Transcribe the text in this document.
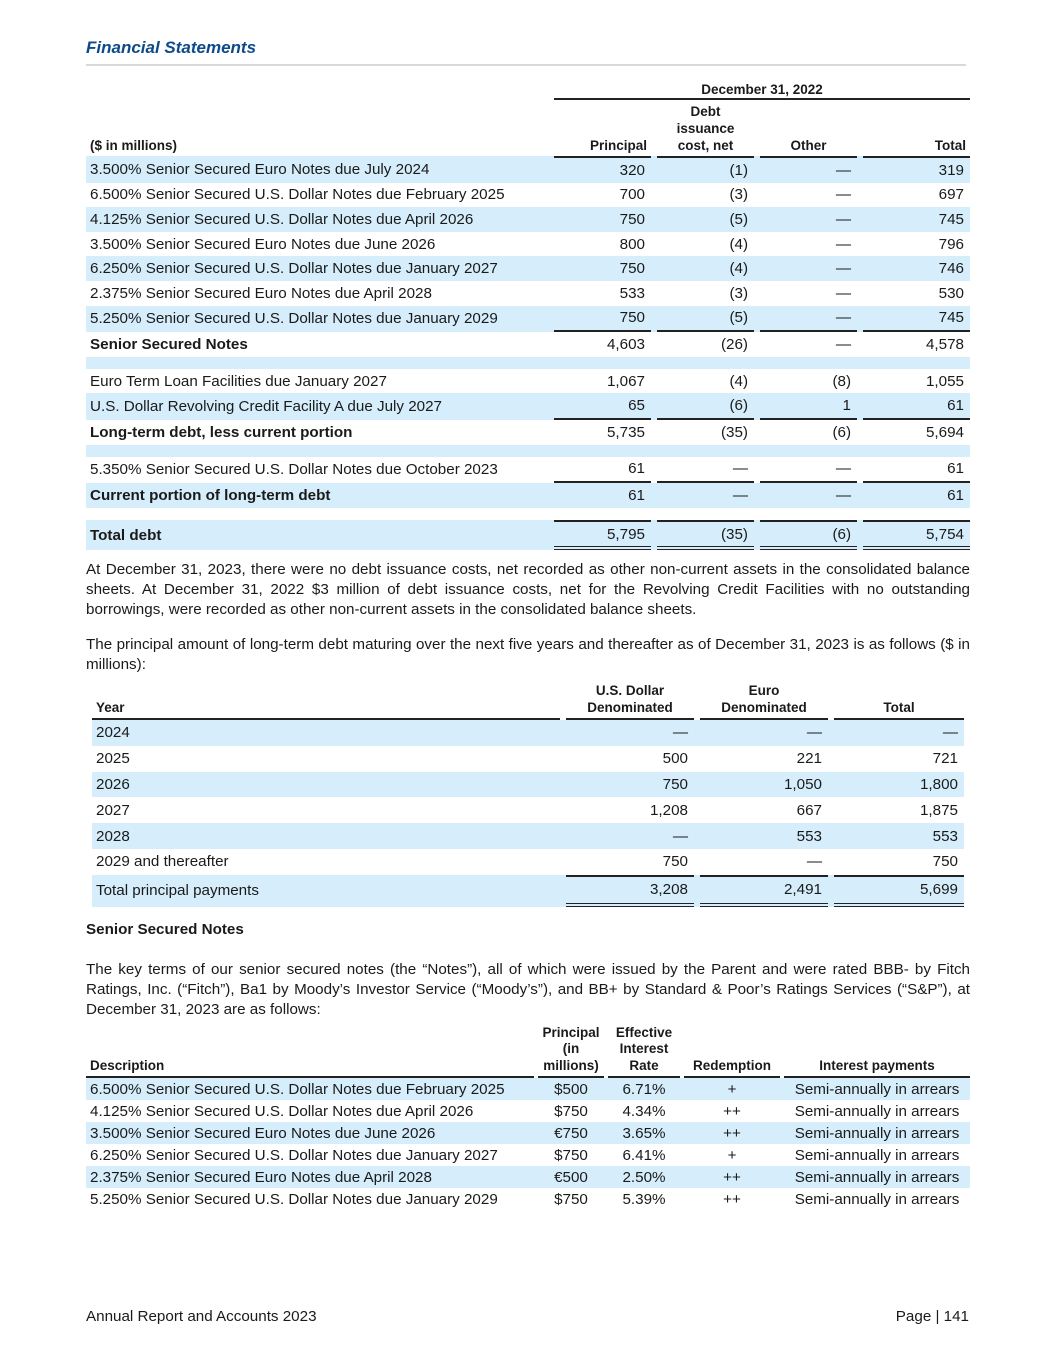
Financial Statements
		December 31, 2022						
($ in millions)		Principal		Debt
issuance
cost, net		Other		Total
3.500% Senior Secured Euro Notes due July 2024		320		(1)		—		319
6.500% Senior Secured U.S. Dollar Notes due February 2025		700		(3)		—		697
4.125% Senior Secured U.S. Dollar Notes due April 2026		750		(5)		—		745
3.500% Senior Secured Euro Notes due June 2026		800		(4)		—		796
6.250% Senior Secured U.S. Dollar Notes due January 2027		750		(4)		—		746
2.375% Senior Secured Euro Notes due April 2028		533		(3)		—		530
5.250% Senior Secured U.S. Dollar Notes due January 2029		750		(5)		—		745
Senior Secured Notes		4,603		(26)		—		4,578

Euro Term Loan Facilities due January 2027		1,067		(4)		(8)		1,055
U.S. Dollar Revolving Credit Facility A due July 2027		65		(6)		1		61
Long-term debt, less current portion		5,735		(35)		(6)		5,694

5.350% Senior Secured U.S. Dollar Notes due October 2023		61		—		—		61
Current portion of long-term debt		61		—		—		61

Total debt		5,795		(35)		(6)		5,754

At December 31, 2023, there were no debt issuance costs, net recorded as other non-current assets in the consolidated balance sheets. At December 31, 2022 $3 million of debt issuance costs, net for the Revolving Credit Facilities with no outstanding borrowings, were recorded as other non-current assets in the consolidated balance sheets.

The principal amount of long-term debt maturing over the next five years and thereafter as of December 31, 2023 is as follows ($ in millions):

Year		U.S. Dollar
Denominated		Euro
Denominated		Total
2024		—		—		—
2025		500		221		721
2026		750		1,050		1,800
2027		1,208		667		1,875
2028		—		553		553
2029 and thereafter		750		—		750
Total principal payments		3,208		2,491		5,699
Senior Secured Notes

The key terms of our senior secured notes (the “Notes”), all of which were issued by the Parent and were rated BBB- by Fitch Ratings, Inc. (“Fitch”), Ba1 by Moody’s Investor Service (“Moody’s”), and BB+ by Standard & Poor’s Ratings Services (“S&P”), at December 31, 2023 are as follows:

Description		Principal
(in
millions)		Effective
Interest
Rate		Redemption		Interest payments
6.500% Senior Secured U.S. Dollar Notes due February 2025		$500		6.71%		+		Semi-annually in arrears
4.125% Senior Secured U.S. Dollar Notes due April 2026		$750		4.34%		++		Semi-annually in arrears
3.500% Senior Secured Euro Notes due June 2026		€750		3.65%		++		Semi-annually in arrears
6.250% Senior Secured U.S. Dollar Notes due January 2027		$750		6.41%		+		Semi-annually in arrears
2.375% Senior Secured Euro Notes due April 2028		€500		2.50%		++		Semi-annually in arrears
5.250% Senior Secured U.S. Dollar Notes due January 2029		$750		5.39%		++		Semi-annually in arrears
Annual Report and Accounts 2023	Page | 141
